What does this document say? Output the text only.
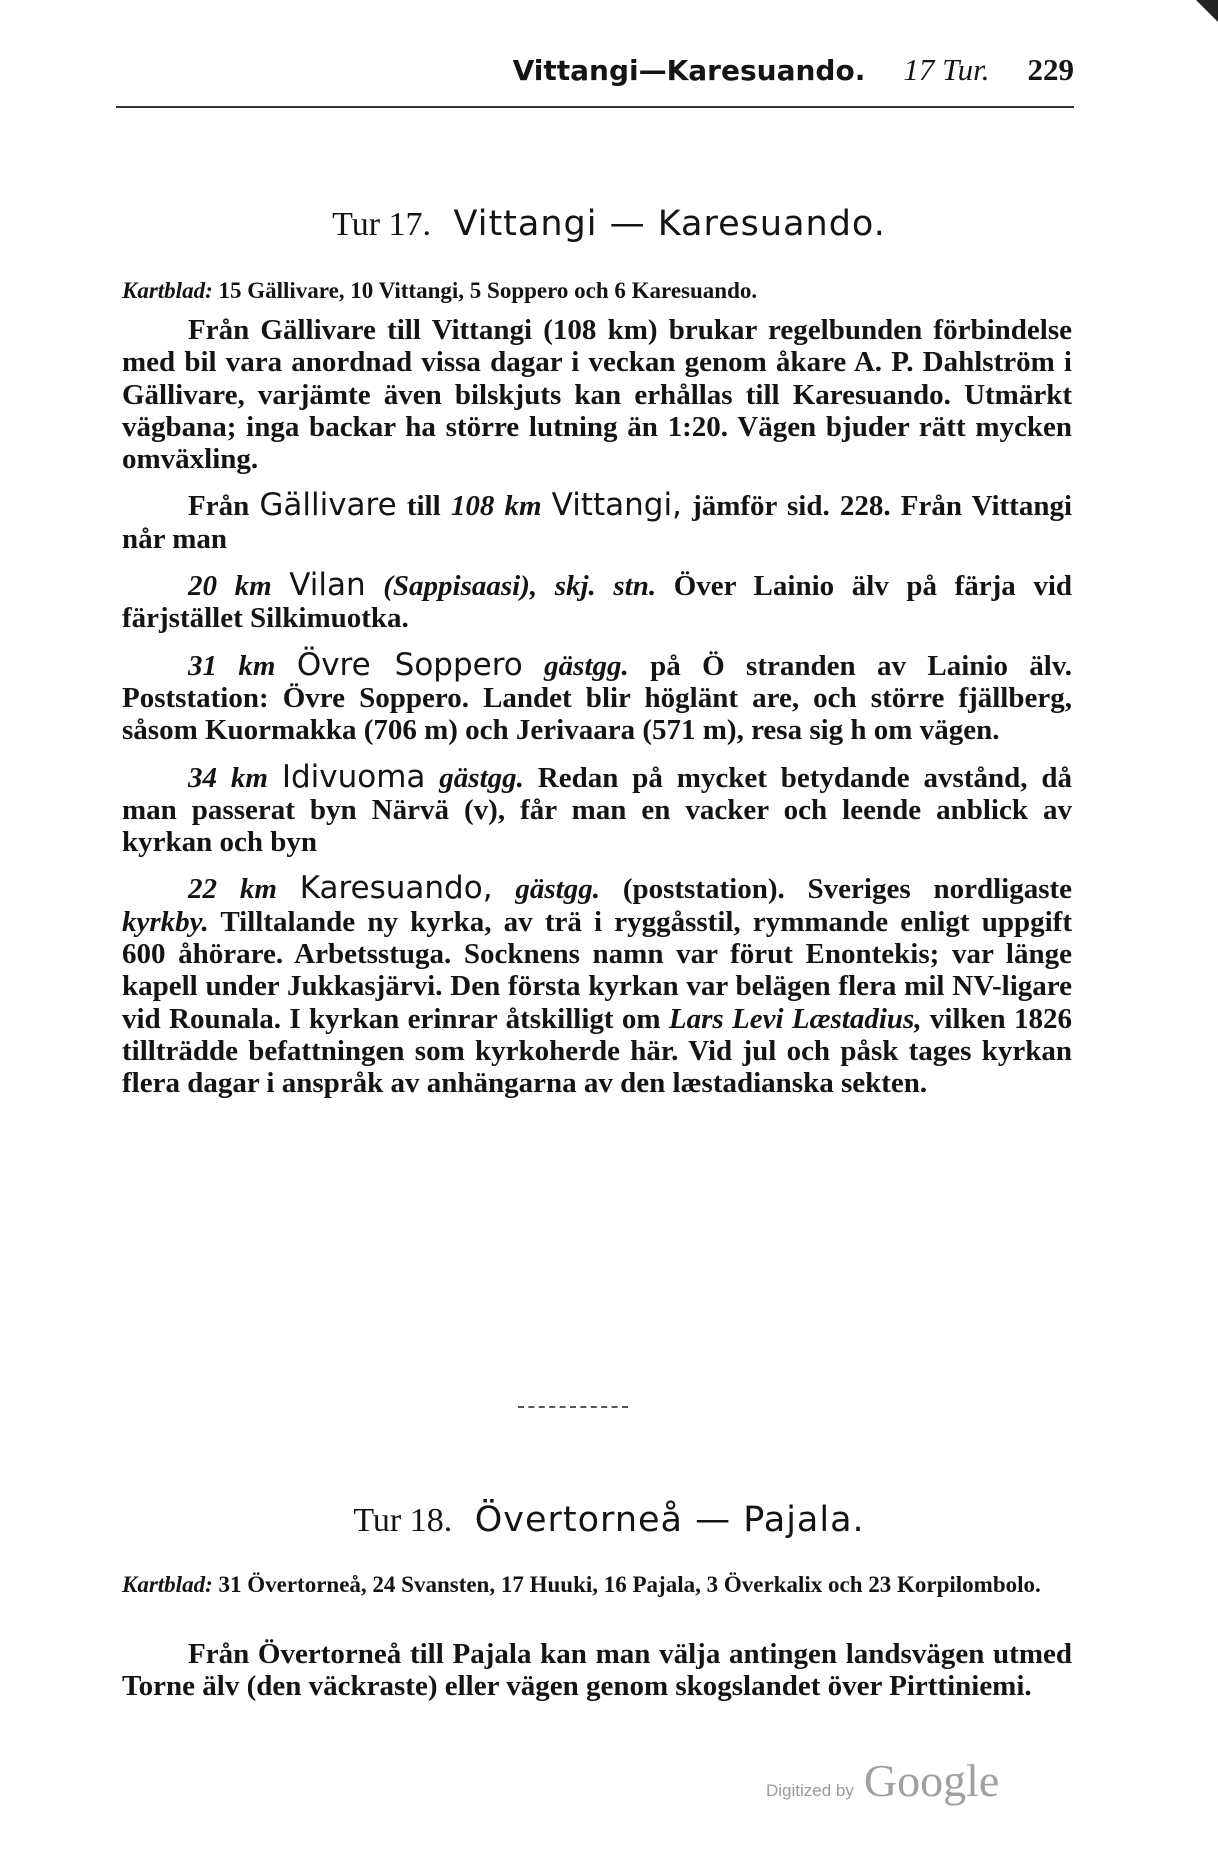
Vittangi—Karesuando. 17 Tur. 229
Tur 17. Vittangi — Karesuando.
Kartblad: 15 Gällivare, 10 Vittangi, 5 Soppero och 6 Karesuando.

Från Gällivare till Vittangi (108 km) brukar regelbunden förbindelse med bil vara anordnad vissa dagar i veckan genom åkare A. P. Dahlström i Gällivare, varjämte även bilskjuts kan erhållas till Karesuando. Utmärkt vägbana; inga backar ha större lutning än 1:20. Vägen bjuder rätt mycken omväxling.

Från Gällivare till 108 km Vittangi, jämför sid. 228. Från Vittangi når man

20 km Vilan (Sappisaasi), skj. stn. Över Lainio älv på färja vid färjstället Silkimuotka.

31 km Övre Soppero gästgg. på Ö stranden av Lainio älv. Poststation: Övre Soppero. Landet blir höglänt are, och större fjällberg, såsom Kuormakka (706 m) och Jerivaara (571 m), resa sig h om vägen.

34 km Idivuoma gästgg. Redan på mycket betydande avstånd, då man passerat byn Närvä (v), får man en vacker och leende anblick av kyrkan och byn

22 km Karesuando, gästgg. (poststation). Sveriges nordligaste kyrkby. Tilltalande ny kyrka, av trä i ryggåsstil, rymmande enligt uppgift 600 åhörare. Arbetsstuga. Socknens namn var förut Enontekis; var länge kapell under Jukkasjärvi. Den första kyrkan var belägen flera mil NV-ligare vid Rounala. I kyrkan erinrar åtskilligt om Lars Levi Læstadius, vilken 1826 tillträdde befattningen som kyrkoherde här. Vid jul och påsk tages kyrkan flera dagar i anspråk av anhängarna av den læstadianska sekten.

Tur 18. Övertorneå — Pajala.
Kartblad: 31 Övertorneå, 24 Svansten, 17 Huuki, 16 Pajala, 3 Överkalix och 23 Korpilombolo.

Från Övertorneå till Pajala kan man välja antingen landsvägen utmed Torne älv (den väckraste) eller vägen genom skogslandet över Pirttiniemi.

Digitized by Google
